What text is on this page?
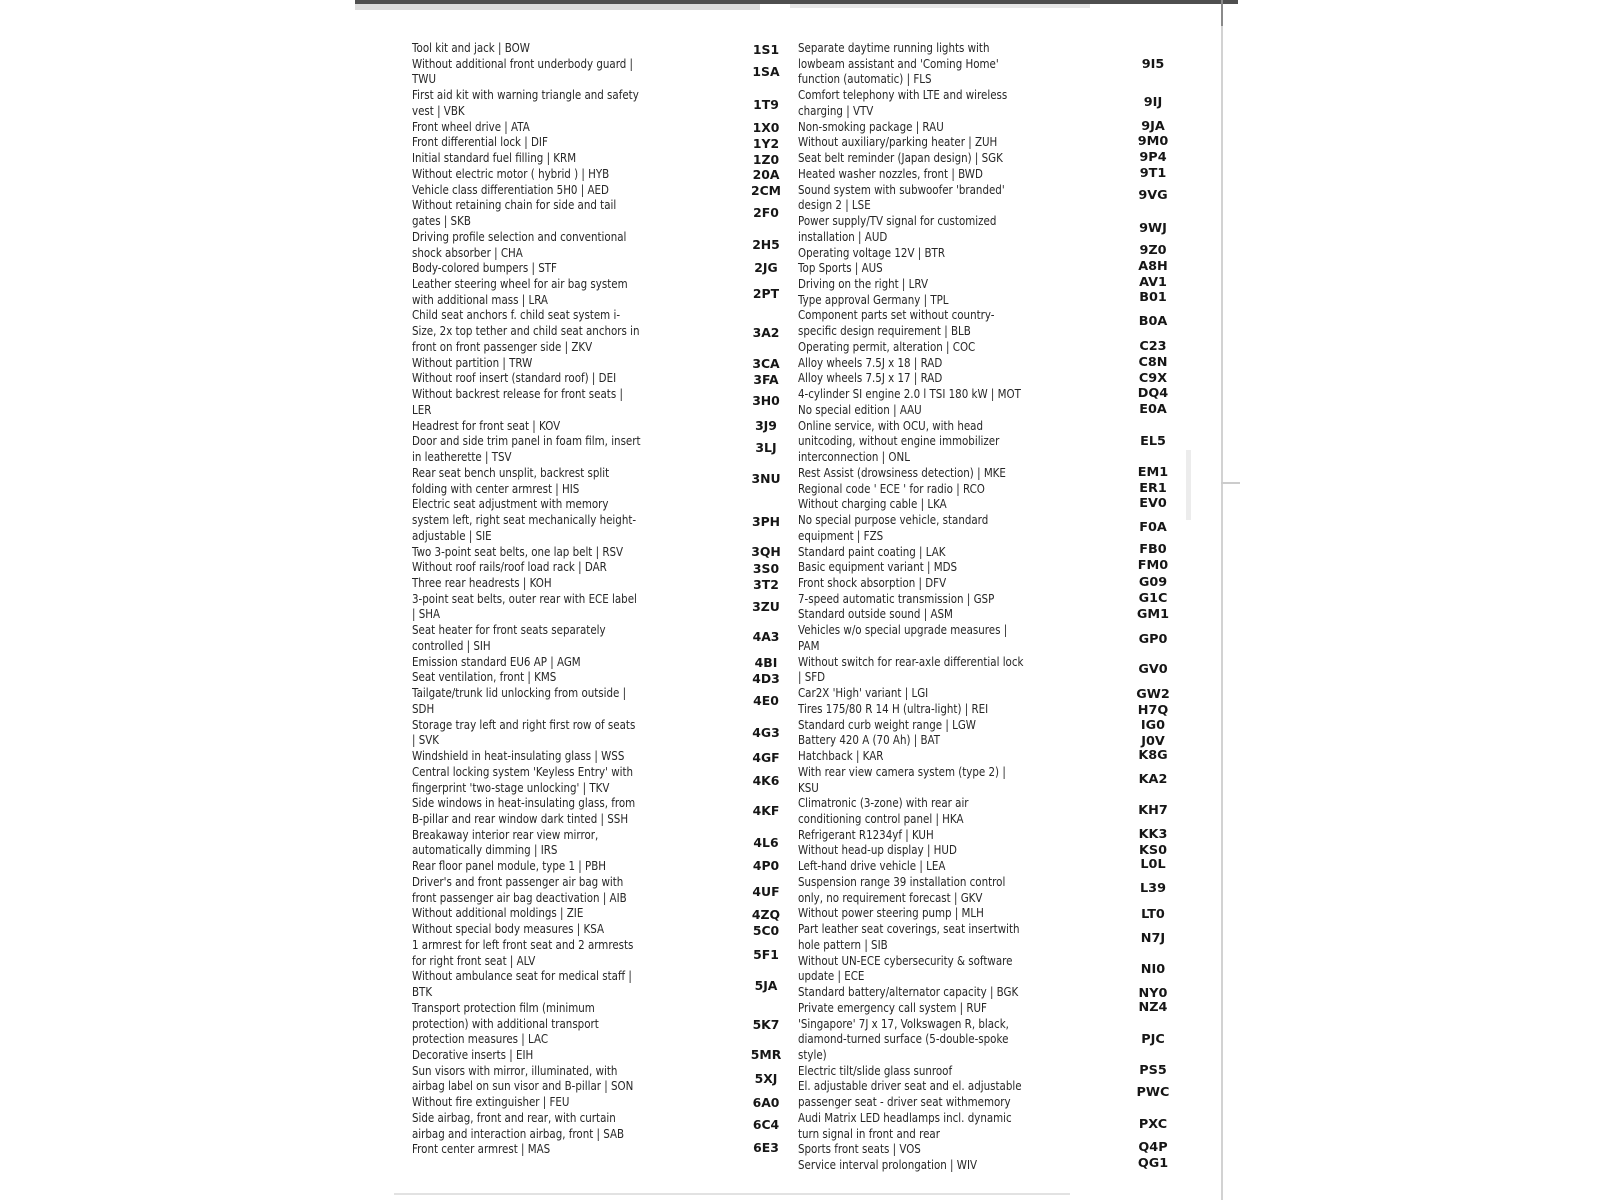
Tool kit and jack | BOW
Without additional front underbody guard |
TWU
First aid kit with warning triangle and safety
vest | VBK
Front wheel drive | ATA
Front differential lock | DIF
Initial standard fuel filling | KRM
Without electric motor ( hybrid ) | HYB
Vehicle class differentiation 5H0 | AED
Without retaining chain for side and tail
gates | SKB
Driving profile selection and conventional
shock absorber | CHA
Body-colored bumpers | STF
Leather steering wheel for air bag system
with additional mass | LRA
Child seat anchors f. child seat system i-
Size, 2x top tether and child seat anchors in
front on front passenger side | ZKV
Without partition | TRW
Without roof insert (standard roof) | DEI
Without backrest release for front seats |
LER
Headrest for front seat | KOV
Door and side trim panel in foam film, insert
in leatherette | TSV
Rear seat bench unsplit, backrest split
folding with center armrest | HIS
Electric seat adjustment with memory
system left, right seat mechanically height-
adjustable | SIE
Two 3-point seat belts, one lap belt | RSV
Without roof rails/roof load rack | DAR
Three rear headrests | KOH
3-point seat belts, outer rear with ECE label
| SHA
Seat heater for front seats separately
controlled | SIH
Emission standard EU6 AP | AGM
Seat ventilation, front | KMS
Tailgate/trunk lid unlocking from outside |
SDH
Storage tray left and right first row of seats
| SVK
Windshield in heat-insulating glass | WSS
Central locking system 'Keyless Entry' with
fingerprint 'two-stage unlocking' | TKV
Side windows in heat-insulating glass, from
B-pillar and rear window dark tinted | SSH
Breakaway interior rear view mirror,
automatically dimming | IRS
Rear floor panel module, type 1 | PBH
Driver's and front passenger air bag with
front passenger air bag deactivation | AIB
Without additional moldings | ZIE
Without special body measures | KSA
1 armrest for left front seat and 2 armrests
for right front seat | ALV
Without ambulance seat for medical staff |
BTK
Transport protection film (minimum
protection) with additional transport
protection measures | LAC
Decorative inserts | EIH
Sun visors with mirror, illuminated, with
airbag label on sun visor and B-pillar | SON
Without fire extinguisher | FEU
Side airbag, front and rear, with curtain
airbag and interaction airbag, front | SAB
Front center armrest | MAS
1S1
1SA
1T9
1X0
1Y2
1Z0
20A
2CM
2F0
2H5
2JG
2PT
3A2
3CA
3FA
3H0
3J9
3LJ
3NU
3PH
3QH
3S0
3T2
3ZU
4A3
4BI
4D3
4E0
4G3
4GF
4K6
4KF
4L6
4P0
4UF
4ZQ
5C0
5F1
5JA
5K7
5MR
5XJ
6A0
6C4
6E3
Separate daytime running lights with
lowbeam assistant and 'Coming Home'
function (automatic) | FLS
Comfort telephony with LTE and wireless
charging | VTV
Non-smoking package | RAU
Without auxiliary/parking heater | ZUH
Seat belt reminder (Japan design) | SGK
Heated washer nozzles, front | BWD
Sound system with subwoofer 'branded'
design 2 | LSE
Power supply/TV signal for customized
installation | AUD
Operating voltage 12V | BTR
Top Sports | AUS
Driving on the right | LRV
Type approval Germany | TPL
Component parts set without country-
specific design requirement | BLB
Operating permit, alteration | COC
Alloy wheels 7.5J x 18 | RAD
Alloy wheels 7.5J x 17 | RAD
4-cylinder SI engine 2.0 l TSI 180 kW | MOT
No special edition | AAU
Online service, with OCU, with head
unitcoding, without engine immobilizer
interconnection | ONL
Rest Assist (drowsiness detection) | MKE
Regional code ' ECE ' for radio | RCO
Without charging cable | LKA
No special purpose vehicle, standard
equipment | FZS
Standard paint coating | LAK
Basic equipment variant | MDS
Front shock absorption | DFV
7-speed automatic transmission | GSP
Standard outside sound | ASM
Vehicles w/o special upgrade measures |
PAM
Without switch for rear-axle differential lock
| SFD
Car2X 'High' variant | LGI
Tires 175/80 R 14 H (ultra-light) | REI
Standard curb weight range | LGW
Battery 420 A (70 Ah) | BAT
Hatchback | KAR
With rear view camera system (type 2) |
KSU
Climatronic (3-zone) with rear air
conditioning control panel | HKA
Refrigerant R1234yf | KUH
Without head-up display | HUD
Left-hand drive vehicle | LEA
Suspension range 39 installation control
only, no requirement forecast | GKV
Without power steering pump | MLH
Part leather seat coverings, seat insertwith
hole pattern | SIB
Without UN-ECE cybersecurity & software
update | ECE
Standard battery/alternator capacity | BGK
Private emergency call system | RUF
'Singapore' 7J x 17, Volkswagen R, black,
diamond-turned surface (5-double-spoke
style)
Electric tilt/slide glass sunroof
El. adjustable driver seat and el. adjustable
passenger seat - driver seat withmemory
Audi Matrix LED headlamps incl. dynamic
turn signal in front and rear
Sports front seats | VOS
Service interval prolongation | WIV
9I5
9IJ
9JA
9M0
9P4
9T1
9VG
9WJ
9Z0
A8H
AV1
B01
B0A
C23
C8N
C9X
DQ4
E0A
EL5
EM1
ER1
EV0
F0A
FB0
FM0
G09
G1C
GM1
GP0
GV0
GW2
H7Q
IG0
J0V
K8G
KA2
KH7
KK3
KS0
L0L
L39
LT0
N7J
NI0
NY0
NZ4
PJC
PS5
PWC
PXC
Q4P
QG1
